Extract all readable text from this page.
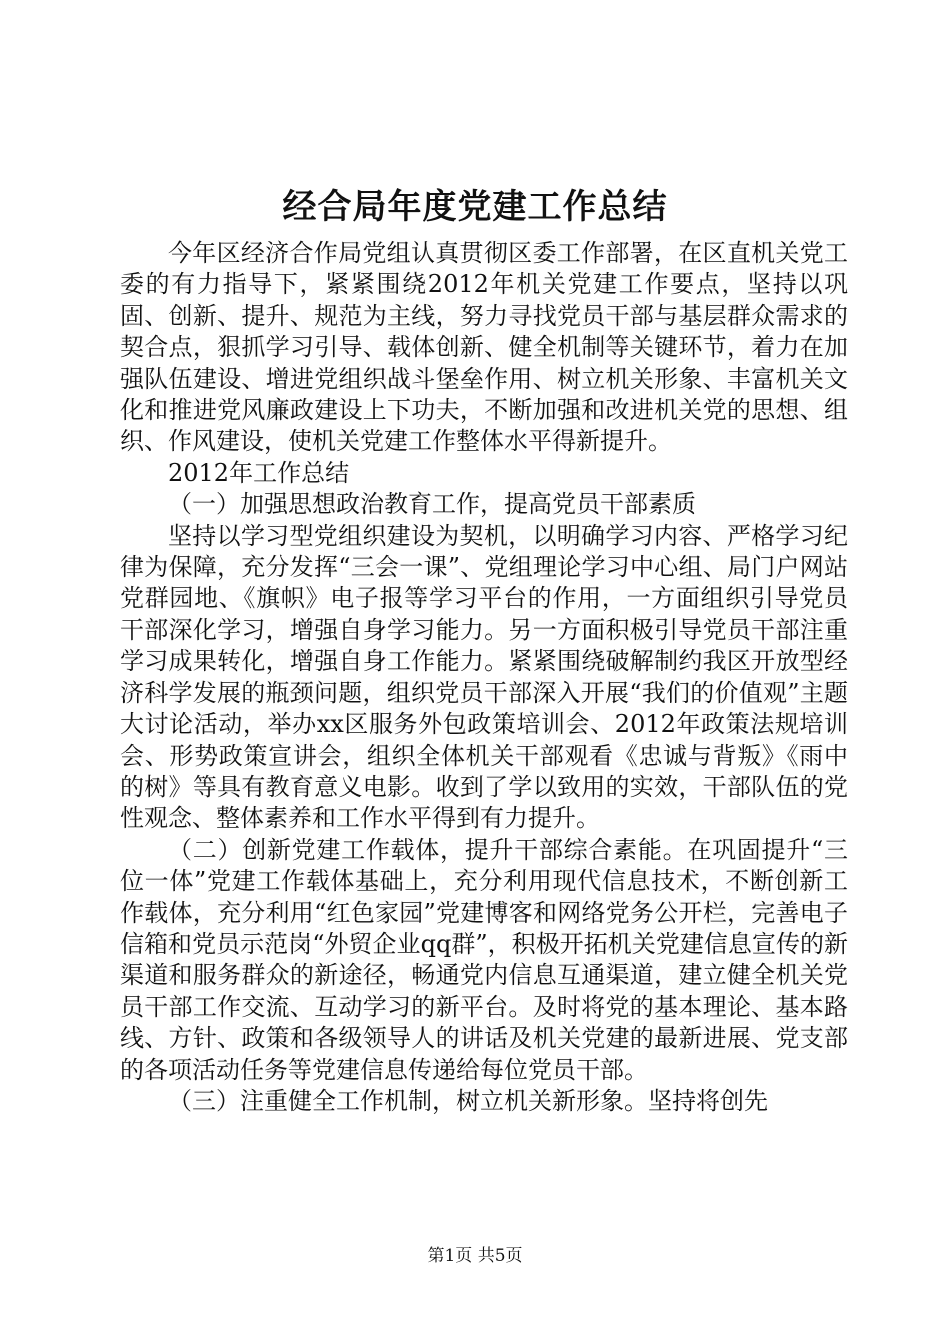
经合局年度党建工作总结

今年区经济合作局党组认真贯彻区委工作部署，在区直机关党工委的有力指导下，紧紧围绕2012年机关党建工作要点，坚持以巩固、创新、提升、规范为主线，努力寻找党员干部与基层群众需求的契合点，狠抓学习引导、载体创新、健全机制等关键环节，着力在加强队伍建设、增进党组织战斗堡垒作用、树立机关形象、丰富机关文化和推进党风廉政建设上下功夫，不断加强和改进机关党的思想、组织、作风建设，使机关党建工作整体水平得新提升。

2012年工作总结

（一）加强思想政治教育工作，提高党员干部素质

坚持以学习型党组织建设为契机，以明确学习内容、严格学习纪律为保障，充分发挥“三会一课”、党组理论学习中心组、局门户网站党群园地、《旗帜》电子报等学习平台的作用，一方面组织引导党员干部深化学习，增强自身学习能力。另一方面积极引导党员干部注重学习成果转化，增强自身工作能力。紧紧围绕破解制约我区开放型经济科学发展的瓶颈问题，组织党员干部深入开展“我们的价值观”主题大讨论活动，举办xx区服务外包政策培训会、2012年政策法规培训会、形势政策宣讲会，组织全体机关干部观看《忠诚与背叛》《雨中的树》等具有教育意义电影。收到了学以致用的实效，干部队伍的党性观念、整体素养和工作水平得到有力提升。

（二）创新党建工作载体，提升干部综合素能。在巩固提升“三位一体”党建工作载体基础上，充分利用现代信息技术，不断创新工作载体，充分利用“红色家园”党建博客和网络党务公开栏，完善电子信箱和党员示范岗“外贸企业qq群”，积极开拓机关党建信息宣传的新渠道和服务群众的新途径，畅通党内信息互通渠道，建立健全机关党员干部工作交流、互动学习的新平台。及时将党的基本理论、基本路线、方针、政策和各级领导人的讲话及机关党建的最新进展、党支部的各项活动任务等党建信息传递给每位党员干部。

（三）注重健全工作机制，树立机关新形象。坚持将创先

第1页 共5页
